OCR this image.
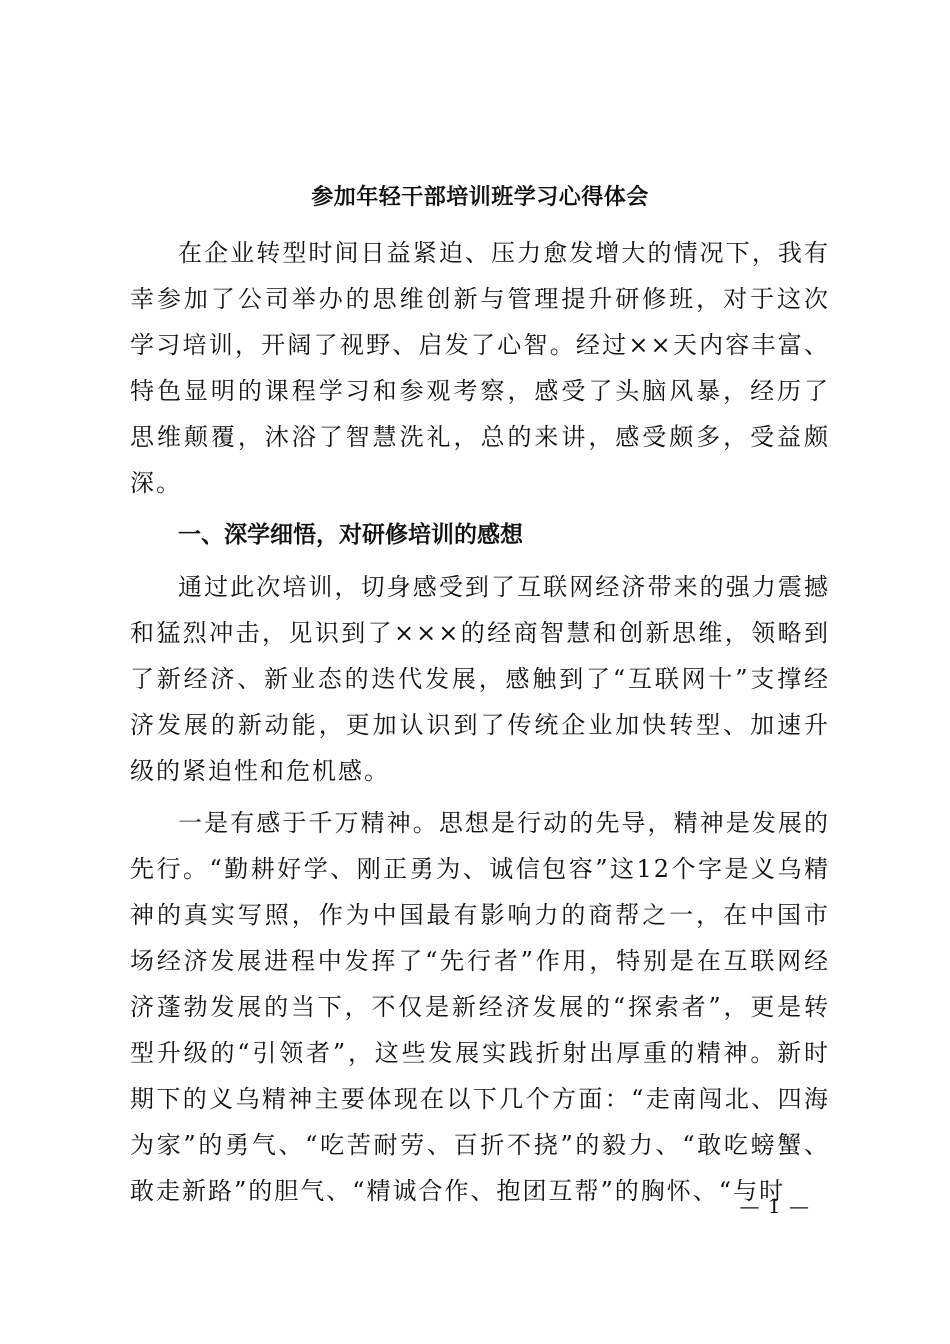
参加年轻干部培训班学习心得体会

在企业转型时间日益紧迫、压力愈发增大的情况下，我有幸参加了公司举办的思维创新与管理提升研修班，对于这次学习培训，开阔了视野、启发了心智。经过××天内容丰富、特色显明的课程学习和参观考察，感受了头脑风暴，经历了思维颠覆，沐浴了智慧洗礼，总的来讲，感受颇多，受益颇深。

一、深学细悟，对研修培训的感想

通过此次培训，切身感受到了互联网经济带来的强力震撼和猛烈冲击，见识到了×××的经商智慧和创新思维，领略到了新经济、新业态的迭代发展，感触到了“互联网十”支撑经济发展的新动能，更加认识到了传统企业加快转型、加速升级的紧迫性和危机感。

一是有感于千万精神。思想是行动的先导，精神是发展的先行。“勤耕好学、刚正勇为、诚信包容”这12个字是义乌精神的真实写照，作为中国最有影响力的商帮之一，在中国市场经济发展进程中发挥了“先行者”作用，特别是在互联网经济蓬勃发展的当下，不仅是新经济发展的“探索者”，更是转型升级的“引领者”，这些发展实践折射出厚重的精神。新时期下的义乌精神主要体现在以下几个方面：“走南闯北、四海为家”的勇气、“吃苦耐劳、百折不挠”的毅力、“敢吃螃蟹、敢走新路”的胆气、“精诚合作、抱团互帮”的胸怀、“与时

— 1 —
